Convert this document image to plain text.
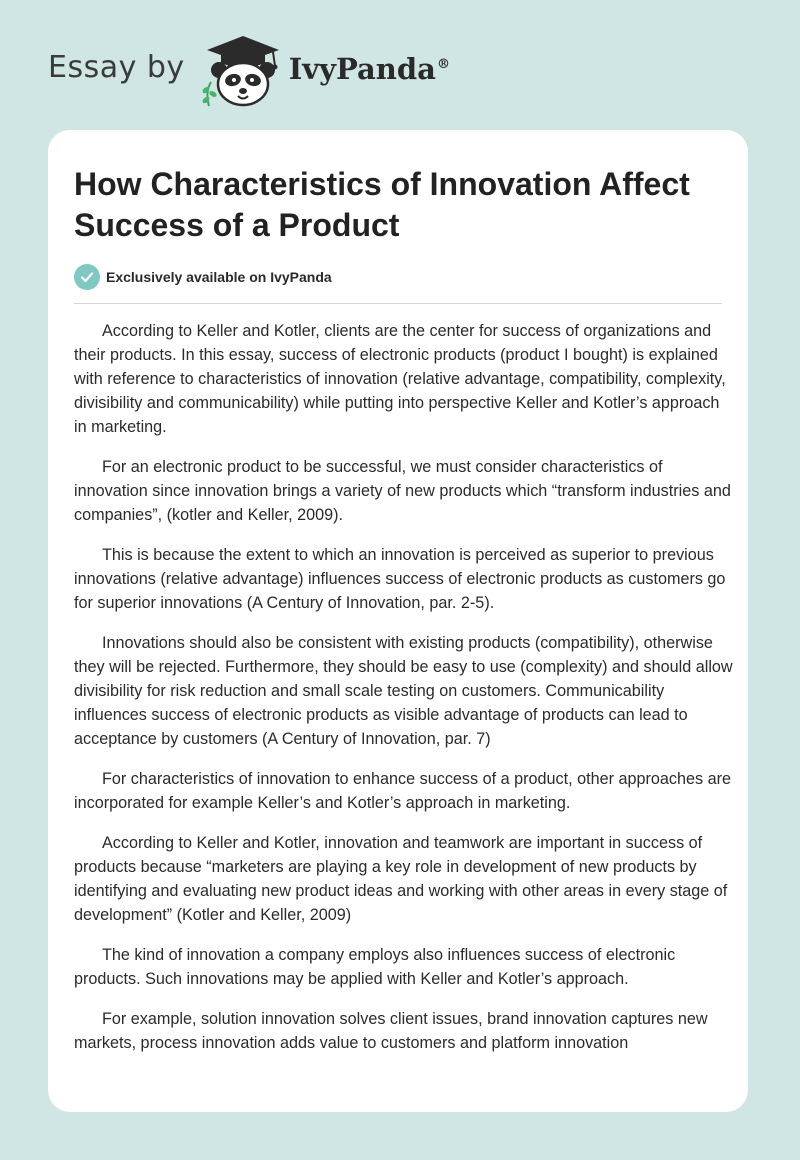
Essay by	IvyPanda®
How Characteristics of Innovation Affect Success of a Product
Exclusively available on IvyPanda

According to Keller and Kotler, clients are the center for success of organizations and their products. In this essay, success of electronic products (product I bought) is explained with reference to characteristics of innovation (relative advantage, compatibility, complexity, divisibility and communicability) while putting into perspective Keller and Kotler’s approach in marketing.

For an electronic product to be successful, we must consider characteristics of innovation since innovation brings a variety of new products which “transform industries and companies”, (kotler and Keller, 2009).

This is because the extent to which an innovation is perceived as superior to previous innovations (relative advantage) influences success of electronic products as customers go for superior innovations (A Century of Innovation, par. 2-5).

Innovations should also be consistent with existing products (compatibility), otherwise they will be rejected. Furthermore, they should be easy to use (complexity) and should allow divisibility for risk reduction and small scale testing on customers. Communicability influences success of electronic products as visible advantage of products can lead to acceptance by customers (A Century of Innovation, par. 7)

For characteristics of innovation to enhance success of a product, other approaches are incorporated for example Keller’s and Kotler’s approach in marketing.

According to Keller and Kotler, innovation and teamwork are important in success of products because “marketers are playing a key role in development of new products by identifying and evaluating new product ideas and working with other areas in every stage of development” (Kotler and Keller, 2009)

The kind of innovation a company employs also influences success of electronic products. Such innovations may be applied with Keller and Kotler’s approach.

For example, solution innovation solves client issues, brand innovation captures new markets, process innovation adds value to customers and platform innovation
